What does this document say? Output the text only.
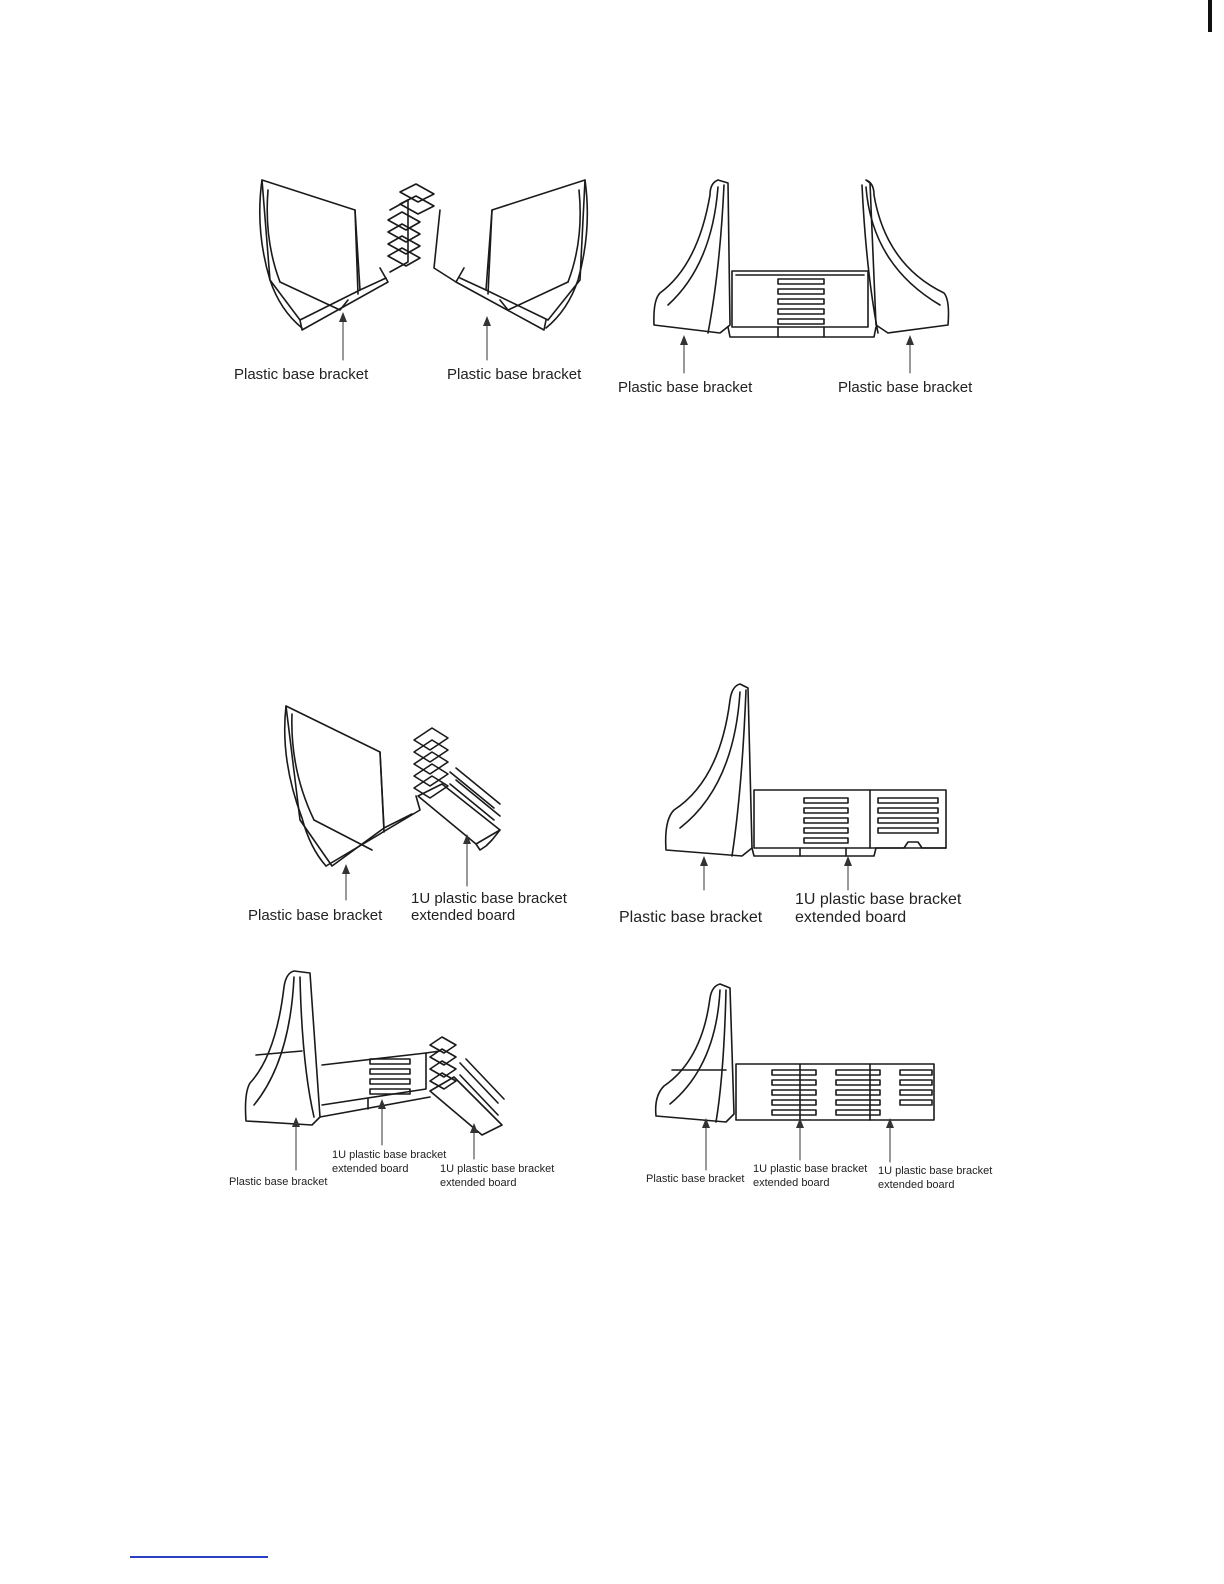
Plastic base bracket	Plastic base bracket
Plastic base bracket	Plastic base bracket
Plastic base bracket
1U plastic base bracket
extended board	Plastic base bracket
1U plastic base bracket
extended board
Plastic base bracket
1U plastic base bracket
extended board	1U plastic base bracket
extended board	Plastic base bracket
1U plastic base bracket
extended board
1U plastic base bracket
extended board
